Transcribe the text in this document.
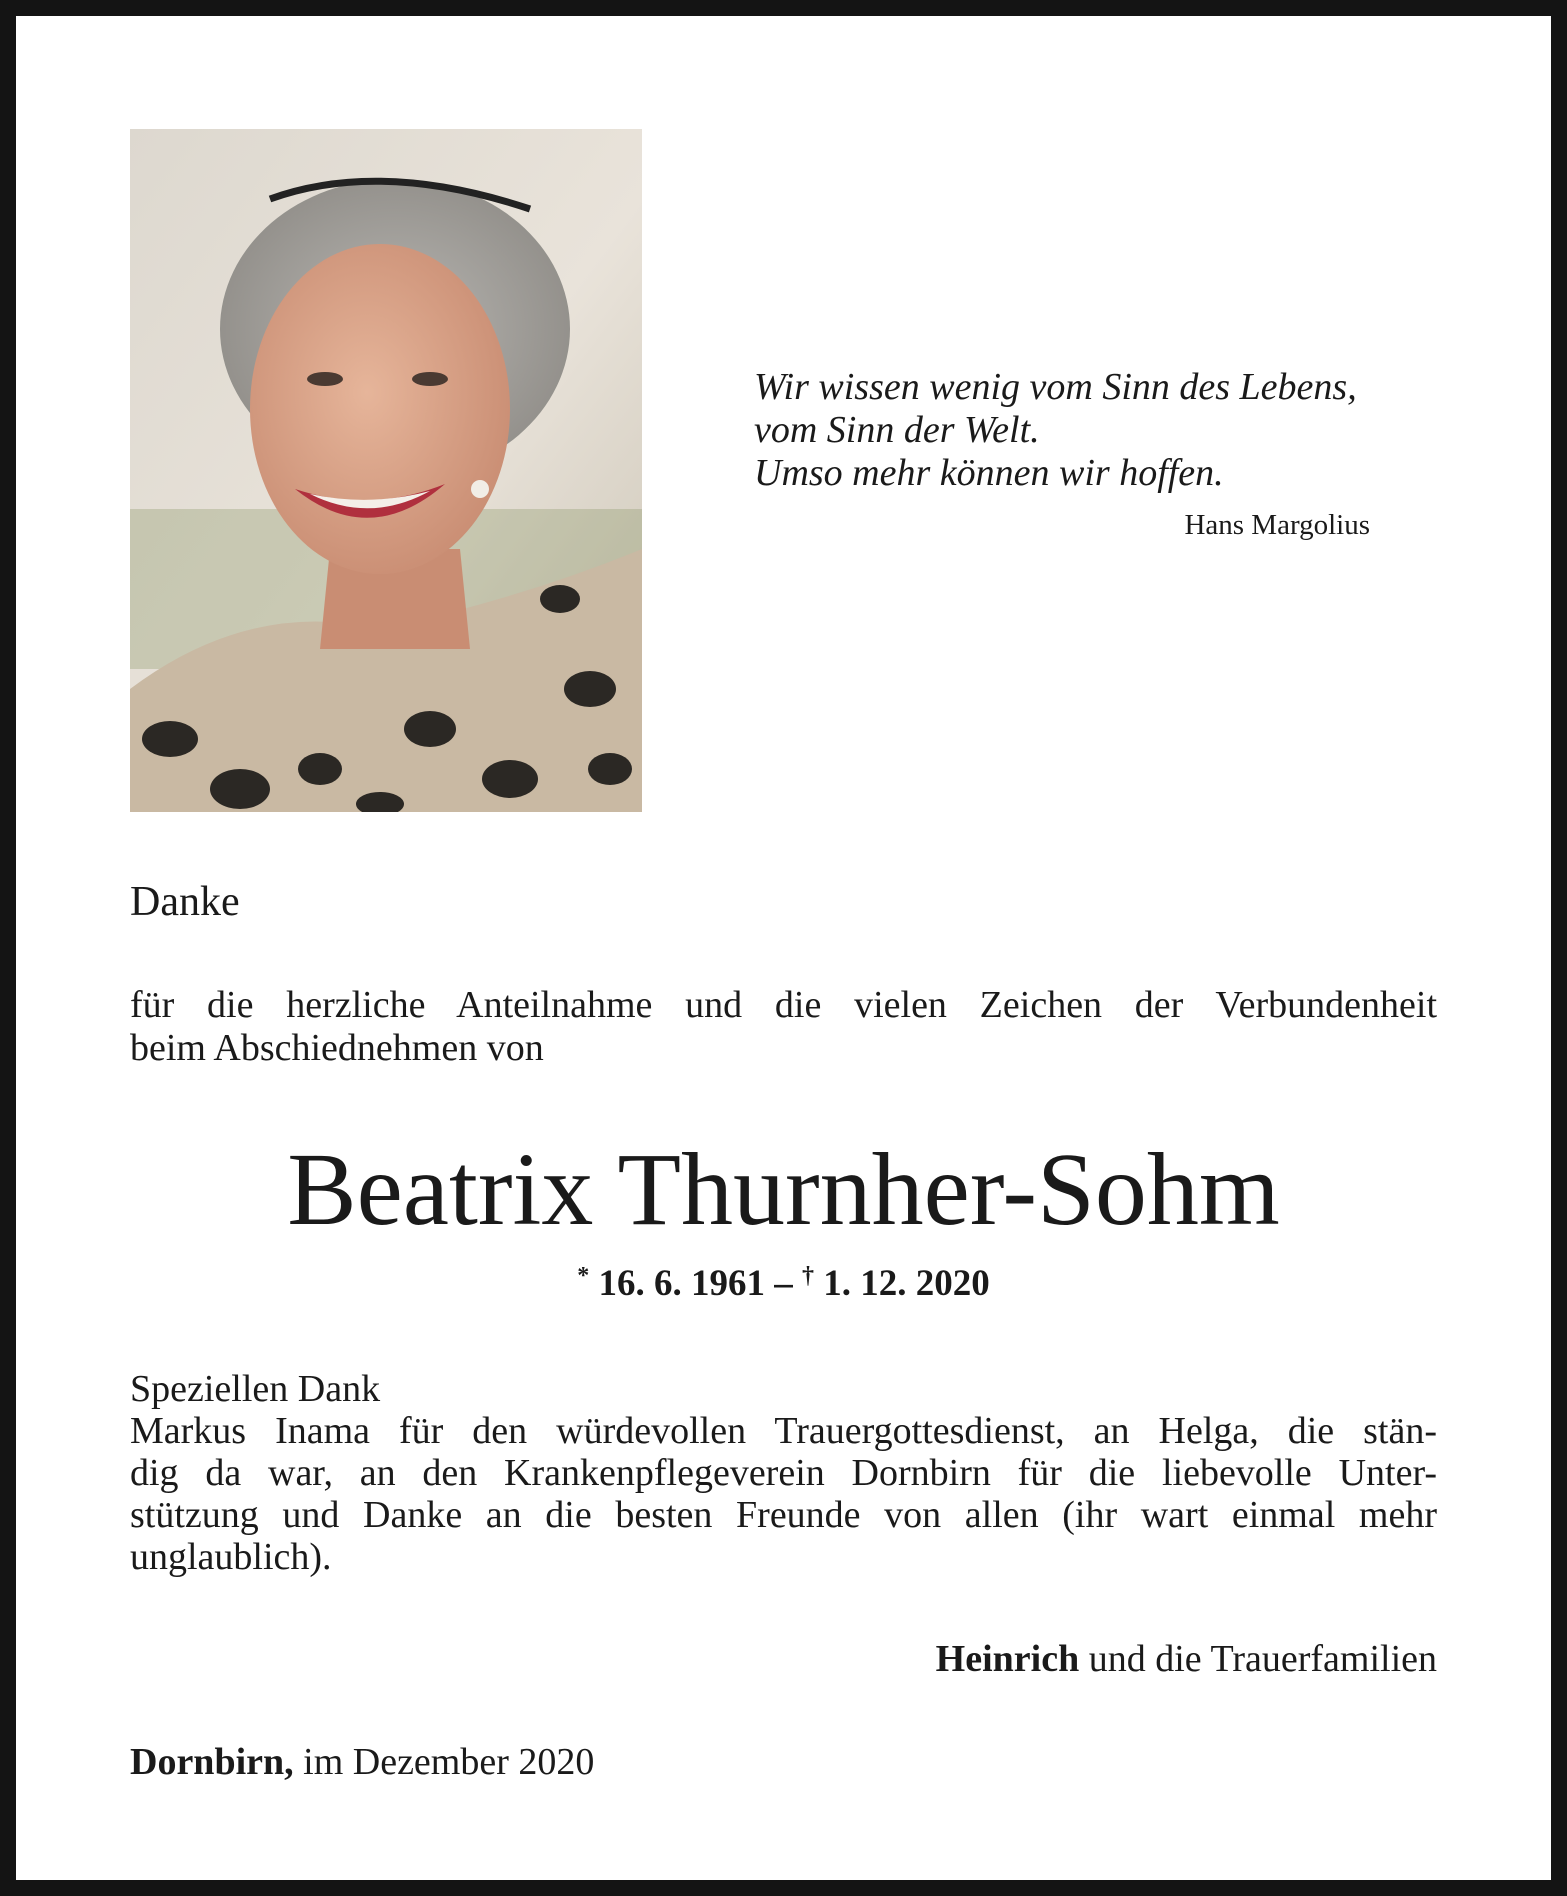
Wir wissen wenig vom Sinn des Lebens,
vom Sinn der Welt.
Umso mehr können wir hoffen.
Hans Margolius
Danke
für die herzliche Anteilnahme und die vielen Zeichen der Verbundenheit
beim Abschiednehmen von
Beatrix Thurnher-Sohm
* 16. 6. 1961 – † 1. 12. 2020
Speziellen Dank
Markus Inama für den würdevollen Trauergottesdienst, an Helga, die stän-
dig da war, an den Krankenpflegeverein Dornbirn für die liebevolle Unter-
stützung und Danke an die besten Freunde von allen (ihr wart einmal mehr
unglaublich).
Heinrich und die Trauerfamilien
Dornbirn, im Dezember 2020
